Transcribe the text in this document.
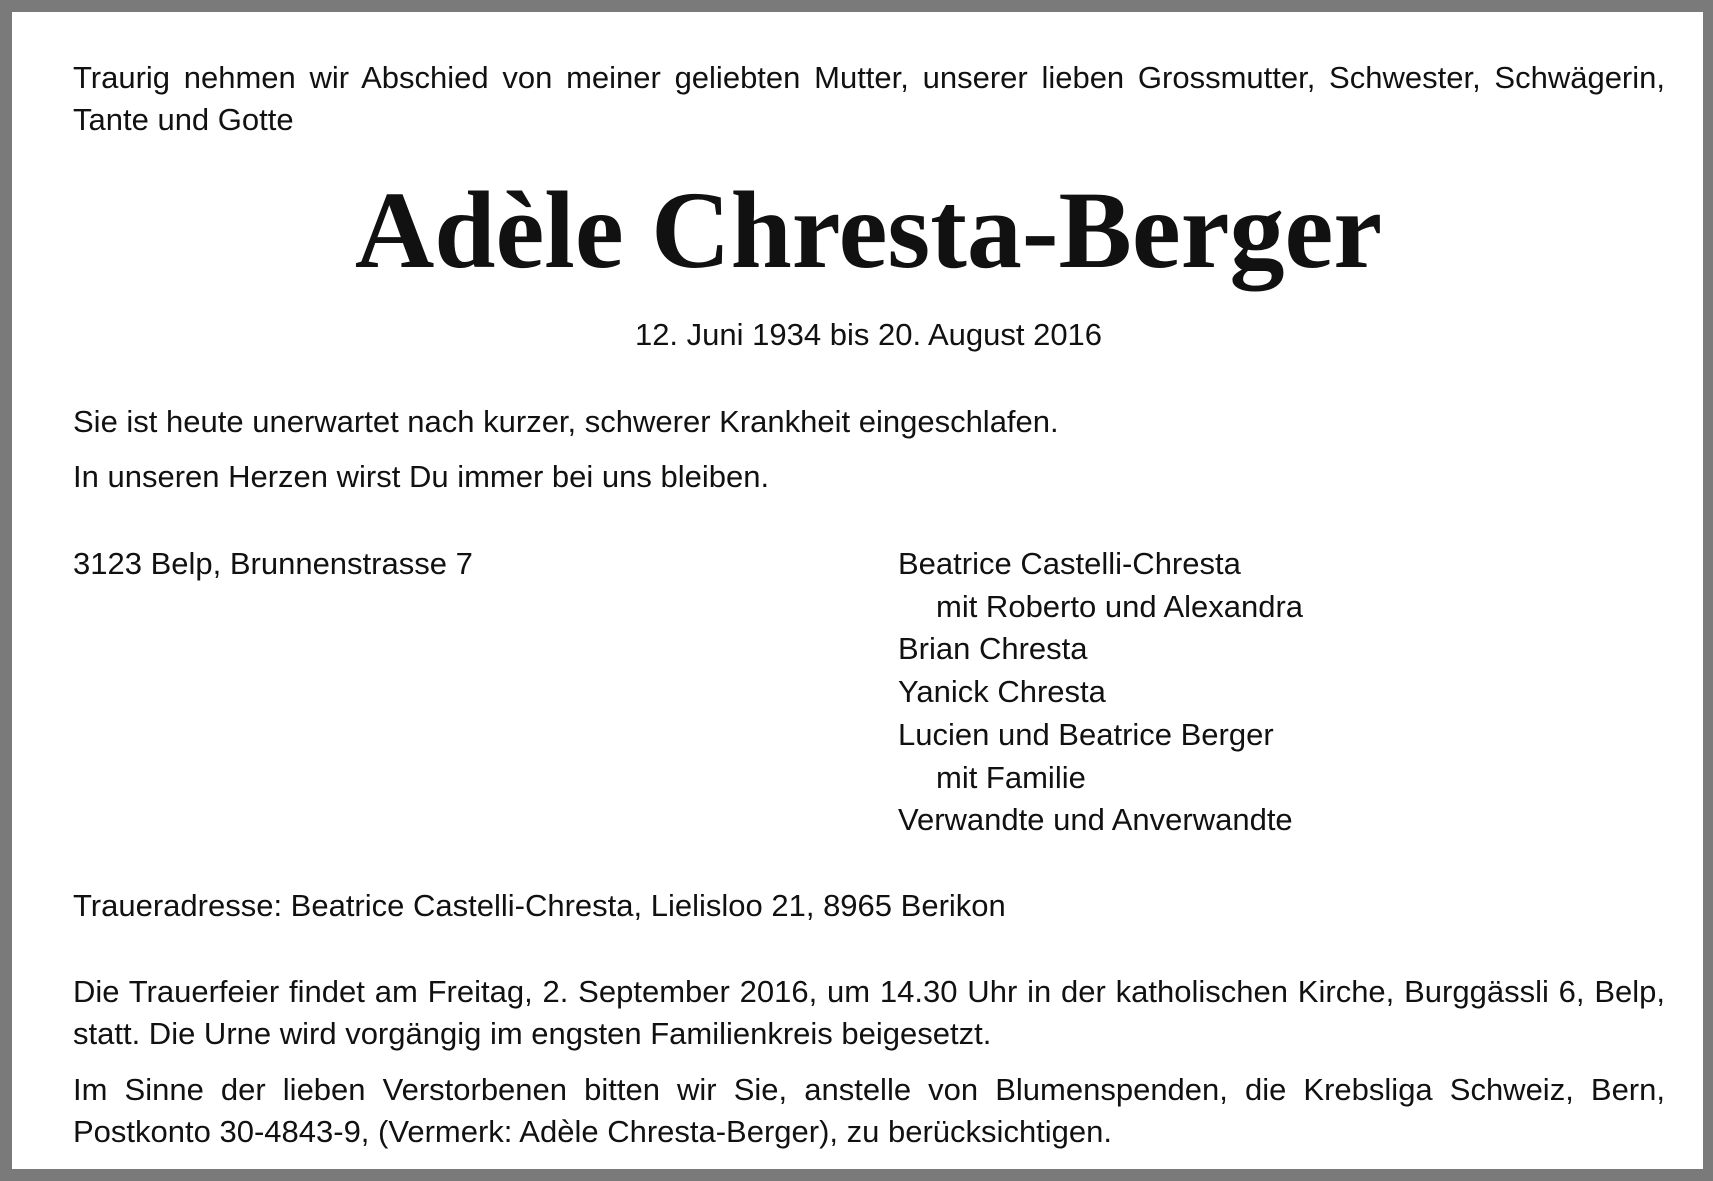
Traurig nehmen wir Abschied von meiner geliebten Mutter, unserer lieben Grossmutter, Schwester, Schwägerin, Tante und Gotte

Adèle Chresta-Berger

12. Juni 1934 bis 20. August 2016

Sie ist heute unerwartet nach kurzer, schwerer Krankheit eingeschlafen.

In unseren Herzen wirst Du immer bei uns bleiben.

3123 Belp, Brunnenstrasse 7	Beatrice Castelli-Chresta
mit Roberto und Alexandra
Brian Chresta
Yanick Chresta
Lucien und Beatrice Berger
mit Familie
Verwandte und Anverwandte

Traueradresse: Beatrice Castelli-Chresta, Lielisloo 21, 8965 Berikon

Die Trauerfeier findet am Freitag, 2. September 2016, um 14.30 Uhr in der katholischen Kirche, Burggässli 6, Belp, statt. Die Urne wird vorgängig im engsten Familienkreis beigesetzt.

Im Sinne der lieben Verstorbenen bitten wir Sie, anstelle von Blumenspenden, die Krebsliga Schweiz, Bern, Postkonto 30-4843-9, (Vermerk: Adèle Chresta-Berger), zu berücksichtigen.
